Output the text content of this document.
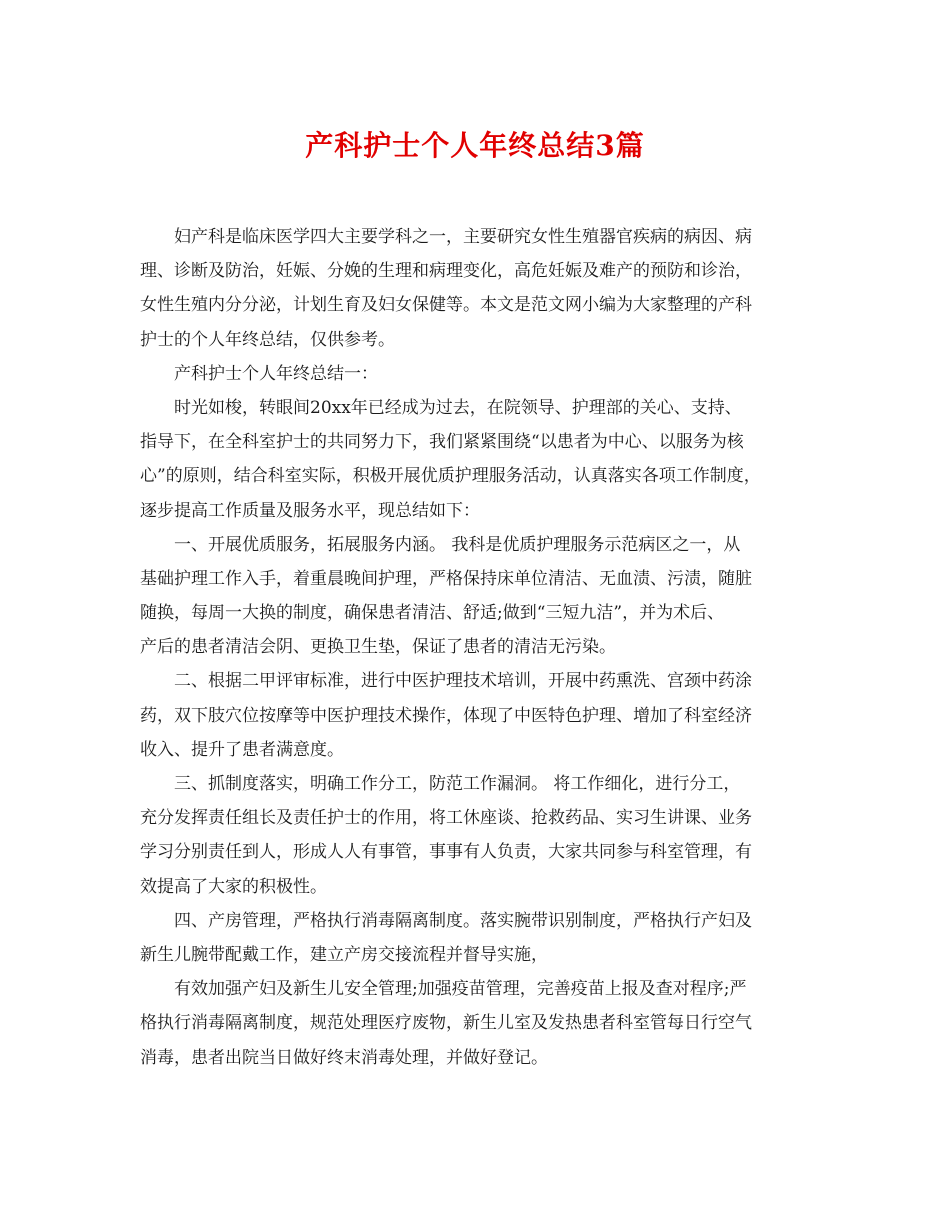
产科护士个人年终总结3篇
妇产科是临床医学四大主要学科之一，主要研究女性生殖器官疾病的病因、病
理、诊断及防治，妊娠、分娩的生理和病理变化，高危妊娠及难产的预防和诊治，
女性生殖内分分泌，计划生育及妇女保健等。本文是范文网小编为大家整理的产科
护士的个人年终总结，仅供参考。
产科护士个人年终总结一：
时光如梭，转眼间20xx年已经成为过去，在院领导、护理部的关心、支持、
指导下，在全科室护士的共同努力下，我们紧紧围绕“以患者为中心、以服务为核
心”的原则，结合科室实际，积极开展优质护理服务活动，认真落实各项工作制度，
逐步提高工作质量及服务水平，现总结如下：
一、开展优质服务，拓展服务内涵。 我科是优质护理服务示范病区之一，从
基础护理工作入手，着重晨晚间护理，严格保持床单位清洁、无血渍、污渍，随脏
随换，每周一大换的制度，确保患者清洁、舒适;做到“三短九洁”，并为术后、
产后的患者清洁会阴、更换卫生垫，保证了患者的清洁无污染。
二、根据二甲评审标准，进行中医护理技术培训，开展中药熏洗、宫颈中药涂
药，双下肢穴位按摩等中医护理技术操作，体现了中医特色护理、增加了科室经济
收入、提升了患者满意度。
三、抓制度落实，明确工作分工，防范工作漏洞。 将工作细化，进行分工，
充分发挥责任组长及责任护士的作用，将工休座谈、抢救药品、实习生讲课、业务
学习分别责任到人，形成人人有事管，事事有人负责，大家共同参与科室管理，有
效提高了大家的积极性。
四、产房管理，严格执行消毒隔离制度。落实腕带识别制度，严格执行产妇及
新生儿腕带配戴工作，建立产房交接流程并督导实施，
有效加强产妇及新生儿安全管理;加强疫苗管理，完善疫苗上报及查对程序;严
格执行消毒隔离制度，规范处理医疗废物，新生儿室及发热患者科室管每日行空气
消毒，患者出院当日做好终末消毒处理，并做好登记。
